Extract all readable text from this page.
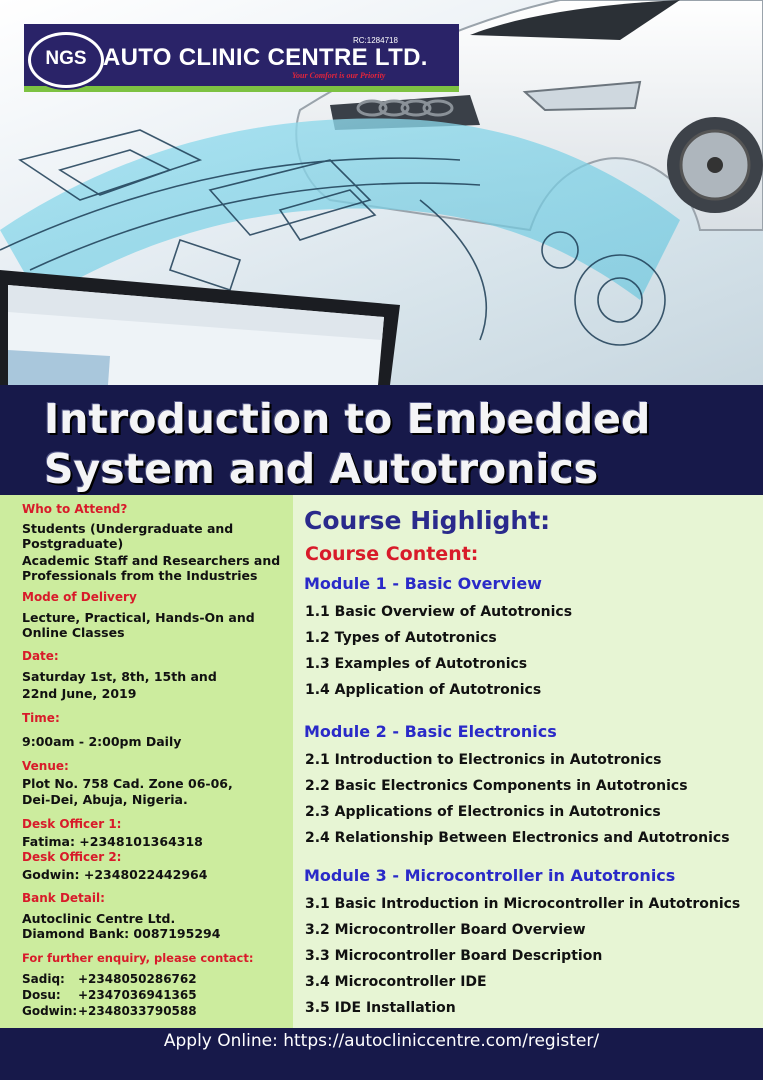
NGS AUTO CLINIC CENTRE LTD.
RC:1284718
Your Comfort is our Priority
Introduction to Embedded System and Autotronics

Who to Attend?

Students (Undergraduate and

Postgraduate)

Academic Staff and Researchers and

Professionals from the Industries

Mode of Delivery

Lecture, Practical, Hands-On and

Online Classes

Date:

Saturday 1st, 8th, 15th and

22nd June, 2019

Time:

9:00am - 2:00pm Daily

Venue:

Plot No. 758 Cad. Zone 06-06,

Dei-Dei, Abuja, Nigeria.

Desk Officer 1:

Fatima: +2348101364318

Desk Officer 2:

Godwin: +2348022442964

Bank Detail:

Autoclinic Centre Ltd.

Diamond Bank: 0087195294

For further enquiry, please contact:

Sadiq:	+2348050286762
Dosu:	+2347036941365
Godwin: +2348033790588
Course Highlight:
Course Content:

Module 1 - Basic Overview

1.1 Basic Overview of Autotronics

1.2 Types of Autotronics

1.3 Examples of Autotronics

1.4 Application of Autotronics

Module 2 - Basic Electronics

2.1 Introduction to Electronics in Autotronics

2.2 Basic Electronics Components in Autotronics

2.3 Applications of Electronics in Autotronics

2.4 Relationship Between Electronics and Autotronics

Module 3 - Microcontroller in Autotronics

3.1 Basic Introduction in Microcontroller in Autotronics

3.2 Microcontroller Board Overview

3.3 Microcontroller Board Description

3.4 Microcontroller IDE

3.5 IDE Installation

Apply Online: https://autocliniccentre.com/register/
